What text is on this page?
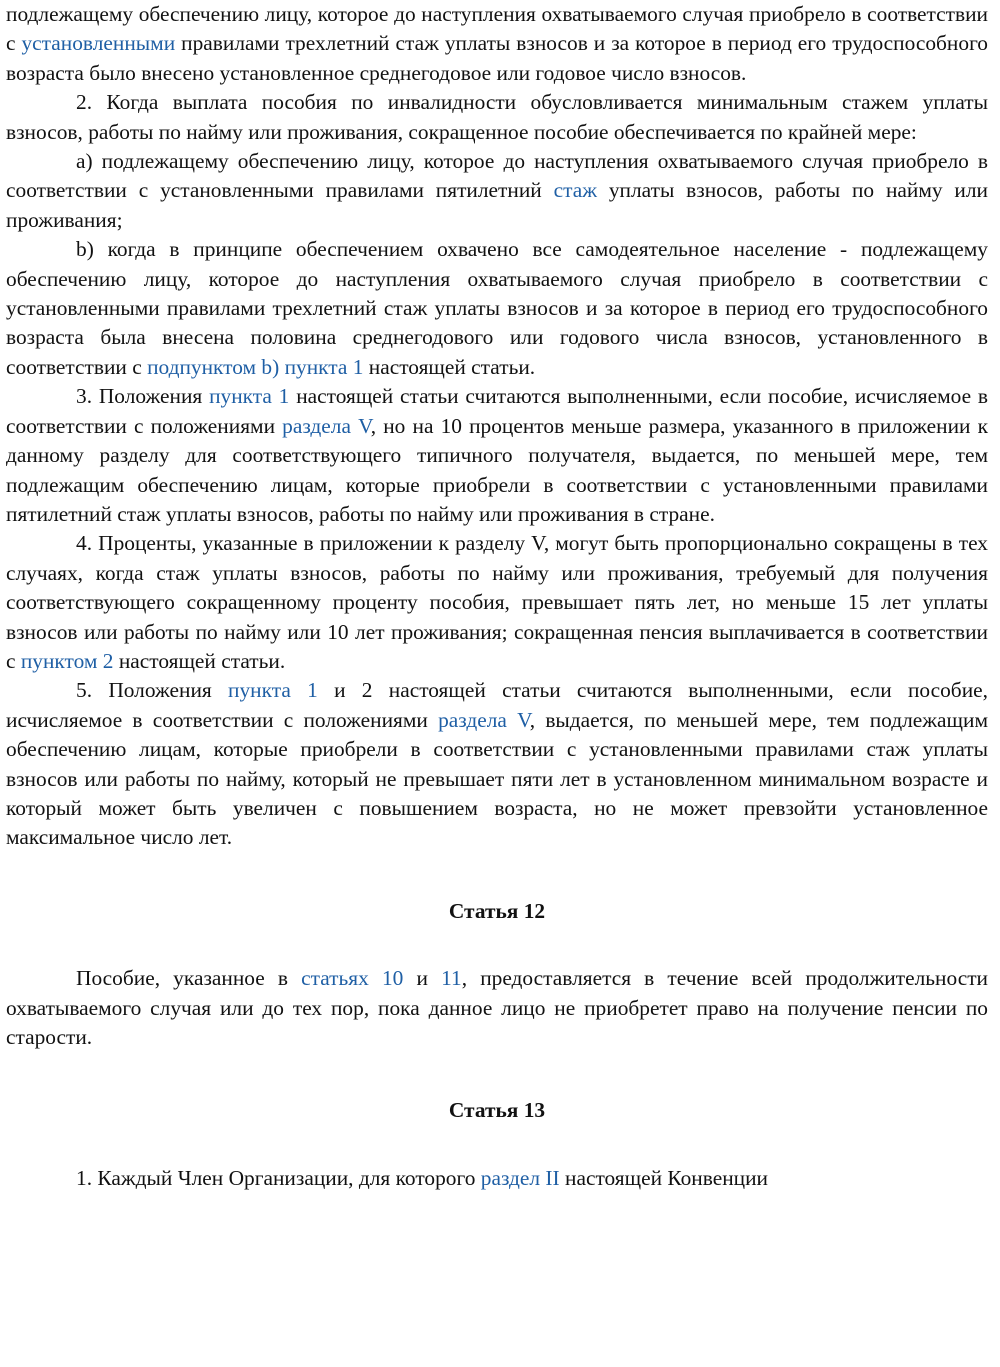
подлежащему обеспечению лицу, которое до наступления охватываемого случая приобрело в соответствии с установленными правилами трехлетний стаж уплаты взносов и за которое в период его трудоспособного возраста было внесено установленное среднегодовое или годовое число взносов.

2. Когда выплата пособия по инвалидности обусловливается минимальным стажем уплаты взносов, работы по найму или проживания, сокращенное пособие обеспечивается по крайней мере:

a) подлежащему обеспечению лицу, которое до наступления охватываемого случая приобрело в соответствии с установленными правилами пятилетний стаж уплаты взносов, работы по найму или проживания;

b) когда в принципе обеспечением охвачено все самодеятельное население - подлежащему обеспечению лицу, которое до наступления охватываемого случая приобрело в соответствии с установленными правилами трехлетний стаж уплаты взносов и за которое в период его трудоспособного возраста была внесена половина среднегодового или годового числа взносов, установленного в соответствии с подпунктом b) пункта 1 настоящей статьи.

3. Положения пункта 1 настоящей статьи считаются выполненными, если пособие, исчисляемое в соответствии с положениями раздела V, но на 10 процентов меньше размера, указанного в приложении к данному разделу для соответствующего типичного получателя, выдается, по меньшей мере, тем подлежащим обеспечению лицам, которые приобрели в соответствии с установленными правилами пятилетний стаж уплаты взносов, работы по найму или проживания в стране.

4. Проценты, указанные в приложении к разделу V, могут быть пропорционально сокращены в тех случаях, когда стаж уплаты взносов, работы по найму или проживания, требуемый для получения соответствующего сокращенному проценту пособия, превышает пять лет, но меньше 15 лет уплаты взносов или работы по найму или 10 лет проживания; сокращенная пенсия выплачивается в соответствии с пунктом 2 настоящей статьи.

5. Положения пункта 1 и 2 настоящей статьи считаются выполненными, если пособие, исчисляемое в соответствии с положениями раздела V, выдается, по меньшей мере, тем подлежащим обеспечению лицам, которые приобрели в соответствии с установленными правилами стаж уплаты взносов или работы по найму, который не превышает пяти лет в установленном минимальном возрасте и который может быть увеличен с повышением возраста, но не может превзойти установленное максимальное число лет.

Статья 12

Пособие, указанное в статьях 10 и 11, предоставляется в течение всей продолжительности охватываемого случая или до тех пор, пока данное лицо не приобретет право на получение пенсии по старости.

Статья 13

1. Каждый Член Организации, для которого раздел II настоящей Конвенции
